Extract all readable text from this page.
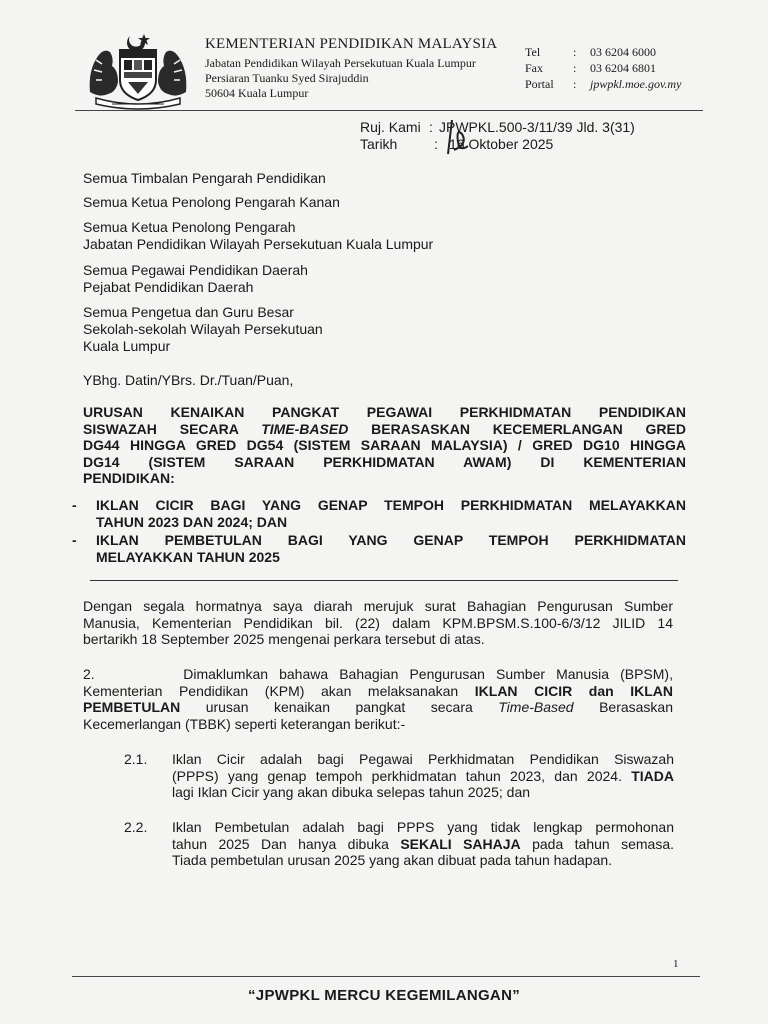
KEMENTERIAN PENDIDIKAN MALAYSIA
Jabatan Pendidikan Wilayah Persekutuan Kuala Lumpur
Persiaran Tuanku Syed Sirajuddin
50604 Kuala Lumpur
Tel	: 03 6204 6000
Fax	: 03 6204 6801
Portal : jpwpkl.moe.gov.my
Ruj. Kami : JPWPKL.500-3/11/39 Jld. 3(31)
Tarikh	: 16 Oktober 2025
Semua Timbalan Pengarah Pendidikan
Semua Ketua Penolong Pengarah Kanan
Semua Ketua Penolong Pengarah
Jabatan Pendidikan Wilayah Persekutuan Kuala Lumpur
Semua Pegawai Pendidikan Daerah
Pejabat Pendidikan Daerah
Semua Pengetua dan Guru Besar
Sekolah-sekolah Wilayah Persekutuan
Kuala Lumpur
YBhg. Datin/YBrs. Dr./Tuan/Puan,
URUSAN KENAIKAN PANGKAT PEGAWAI PERKHIDMATAN PENDIDIKAN
SISWAZAH SECARA TIME-BASED BERASASKAN KECEMERLANGAN GRED
DG44 HINGGA GRED DG54 (SISTEM SARAAN MALAYSIA) / GRED DG10 HINGGA
DG14 (SISTEM SARAAN PERKHIDMATAN AWAM) DI KEMENTERIAN
PENDIDIKAN:
- IKLAN CICIR BAGI YANG GENAP TEMPOH PERKHIDMATAN MELAYAKKAN
TAHUN 2023 DAN 2024; DAN
- IKLAN PEMBETULAN BAGI YANG GENAP TEMPOH PERKHIDMATAN
MELAYAKKAN TAHUN 2025
Dengan segala hormatnya saya diarah merujuk surat Bahagian Pengurusan Sumber
Manusia, Kementerian Pendidikan bil. (22) dalam KPM.BPSM.S.100-6/3/12 JILID 14
bertarikh 18 September 2025 mengenai perkara tersebut di atas.
2.	Dimaklumkan bahawa Bahagian Pengurusan Sumber Manusia (BPSM),
Kementerian Pendidikan (KPM) akan melaksanakan IKLAN CICIR dan IKLAN
PEMBETULAN urusan kenaikan pangkat secara Time-Based Berasaskan
Kecemerlangan (TBBK) seperti keterangan berikut:-
2.1. Iklan Cicir adalah bagi Pegawai Perkhidmatan Pendidikan Siswazah
(PPPS) yang genap tempoh perkhidmatan tahun 2023, dan 2024. TIADA
lagi Iklan Cicir yang akan dibuka selepas tahun 2025; dan
2.2. Iklan Pembetulan adalah bagi PPPS yang tidak lengkap permohonan
tahun 2025 Dan hanya dibuka SEKALI SAHAJA pada tahun semasa.
Tiada pembetulan urusan 2025 yang akan dibuat pada tahun hadapan.
1
“JPWPKL MERCU KEGEMILANGAN”
